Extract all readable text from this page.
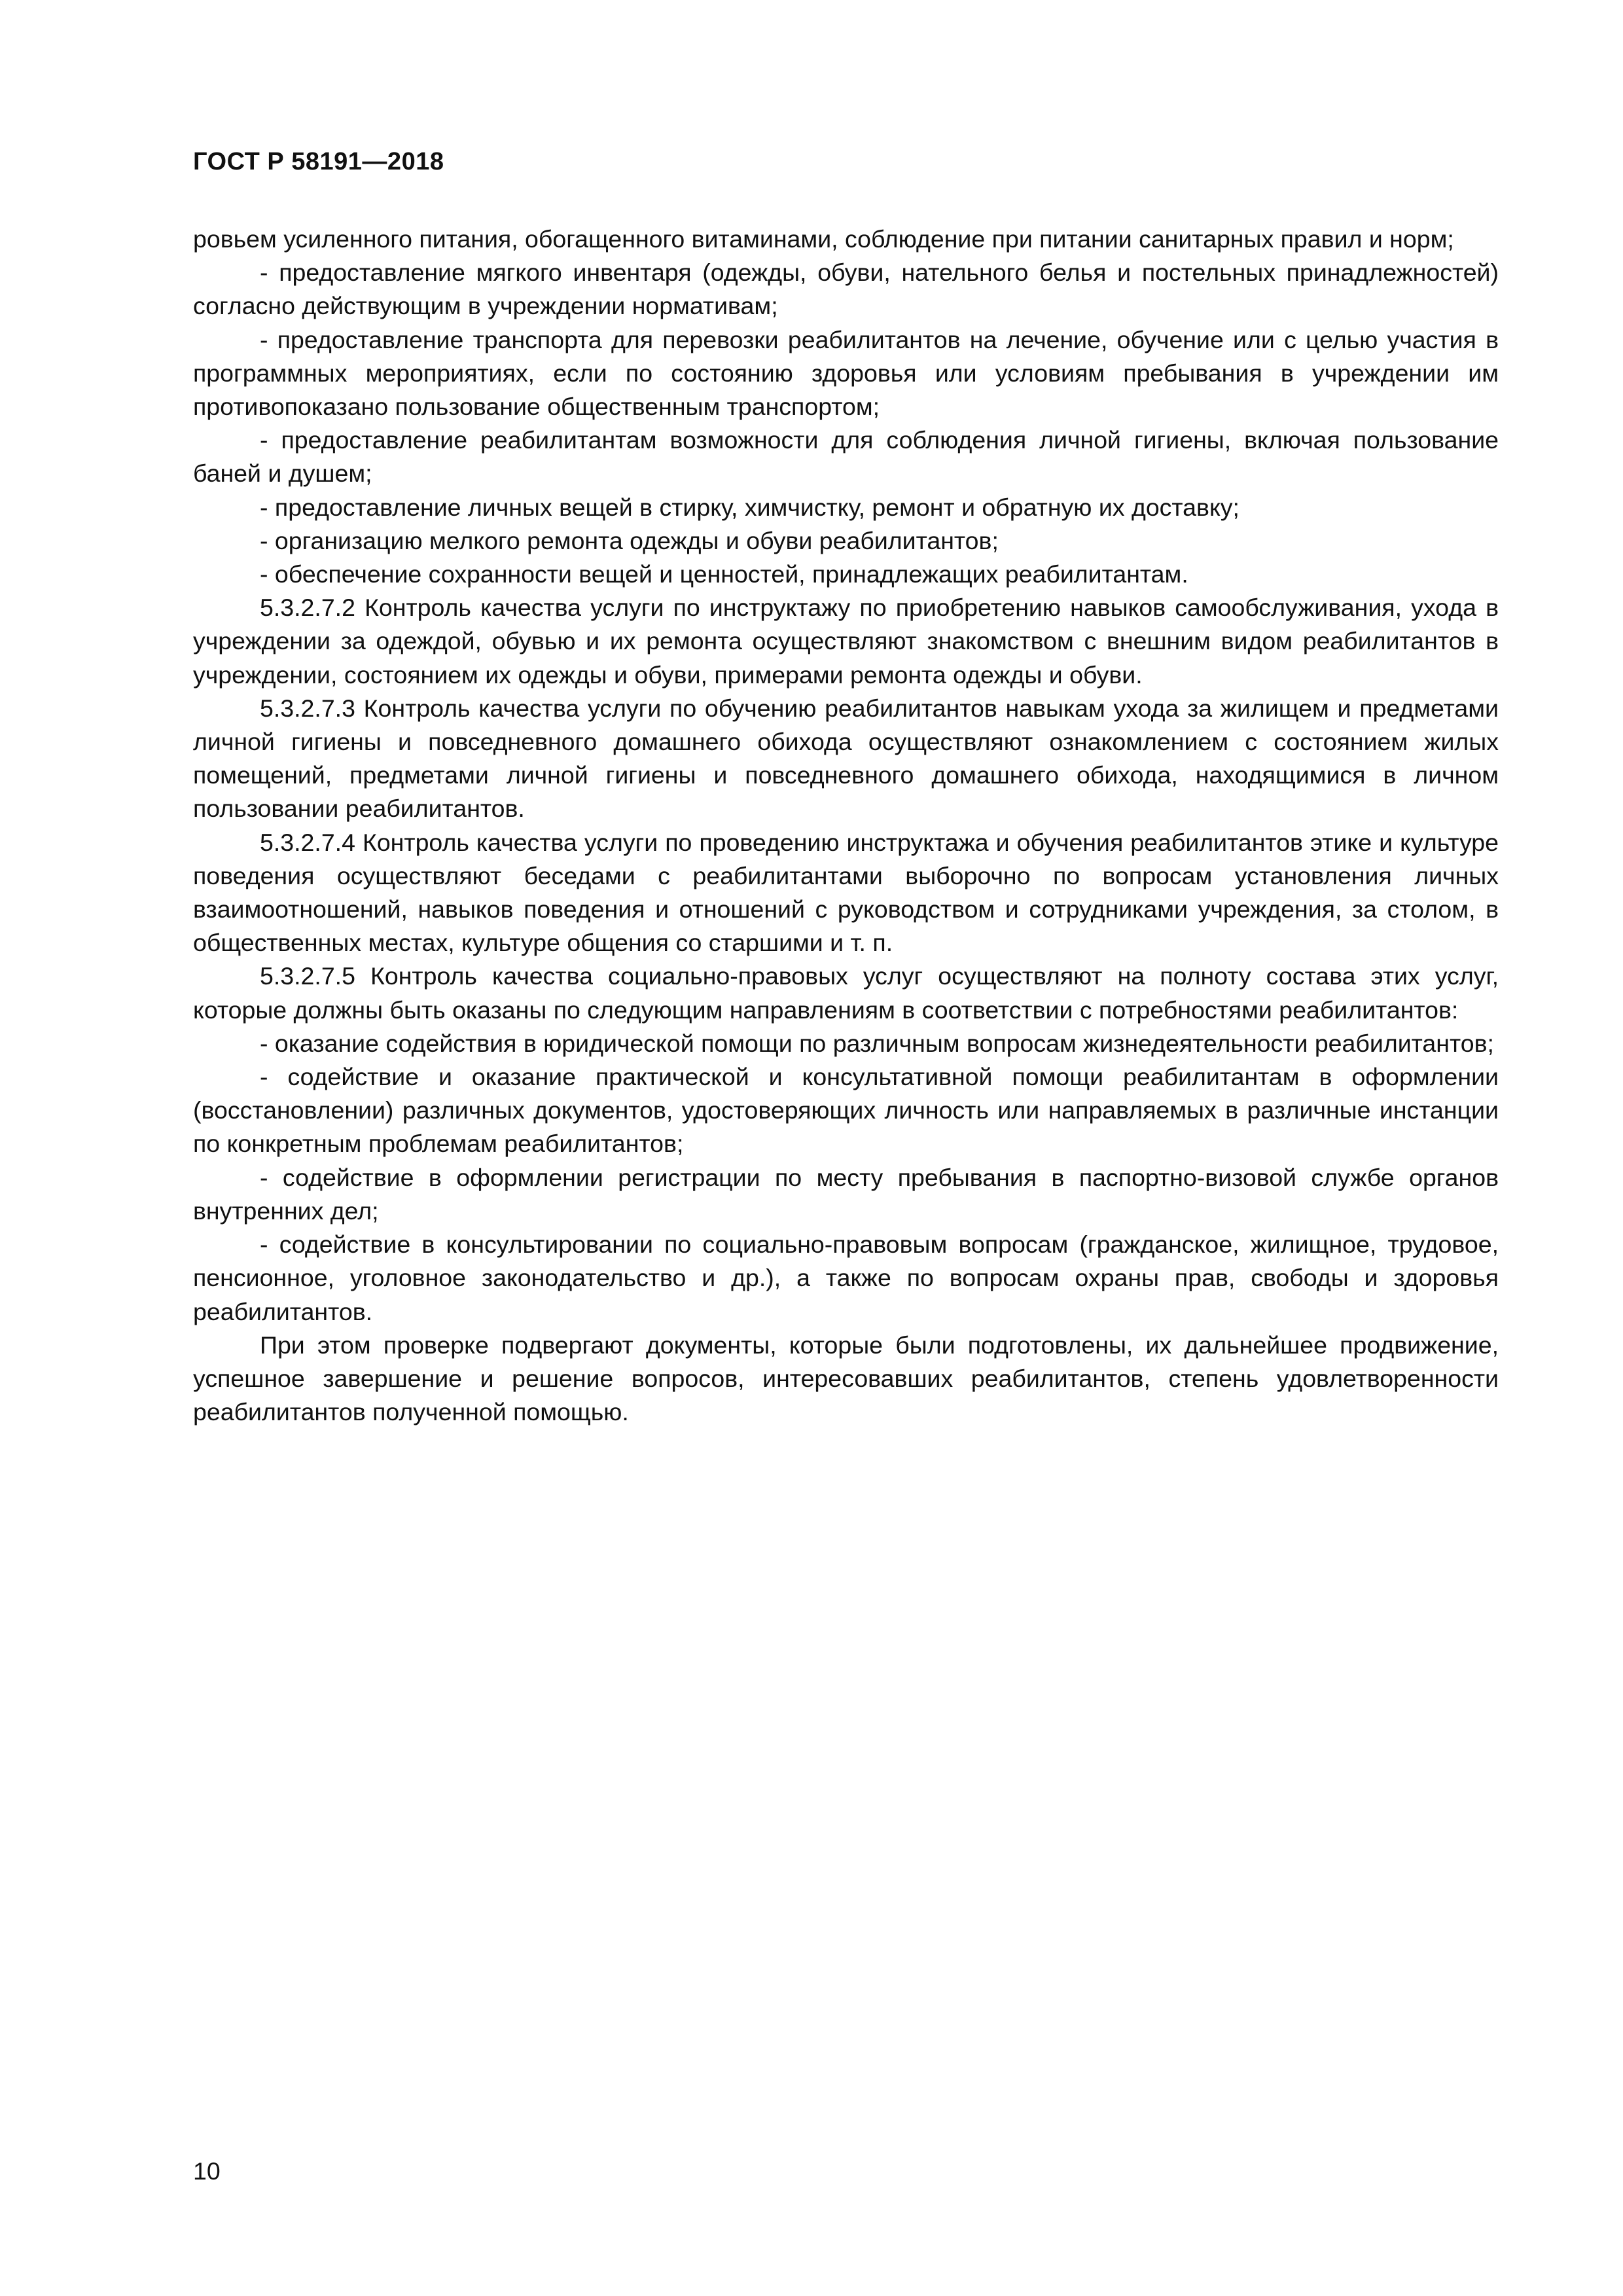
ГОСТ Р 58191—2018

ровьем усиленного питания, обогащенного витаминами, соблюдение при питании санитарных правил и норм;

- предоставление мягкого инвентаря (одежды, обуви, нательного белья и постельных принадлежностей) согласно действующим в учреждении нормативам;

- предоставление транспорта для перевозки реабилитантов на лечение, обучение или с целью участия в программных мероприятиях, если по состоянию здоровья или условиям пребывания в учреждении им противопоказано пользование общественным транспортом;

- предоставление реабилитантам возможности для соблюдения личной гигиены, включая пользование баней и душем;

- предоставление личных вещей в стирку, химчистку, ремонт и обратную их доставку;

- организацию мелкого ремонта одежды и обуви реабилитантов;

- обеспечение сохранности вещей и ценностей, принадлежащих реабилитантам.

5.3.2.7.2 Контроль качества услуги по инструктажу по приобретению навыков самообслуживания, ухода в учреждении за одеждой, обувью и их ремонта осуществляют знакомством с внешним видом реабилитантов в учреждении, состоянием их одежды и обуви, примерами ремонта одежды и обуви.

5.3.2.7.3 Контроль качества услуги по обучению реабилитантов навыкам ухода за жилищем и предметами личной гигиены и повседневного домашнего обихода осуществляют ознакомлением с состоянием жилых помещений, предметами личной гигиены и повседневного домашнего обихода, находящимися в личном пользовании реабилитантов.

5.3.2.7.4 Контроль качества услуги по проведению инструктажа и обучения реабилитантов этике и культуре поведения осуществляют беседами с реабилитантами выборочно по вопросам установления личных взаимоотношений, навыков поведения и отношений с руководством и сотрудниками учреждения, за столом, в общественных местах, культуре общения со старшими и т. п.

5.3.2.7.5 Контроль качества социально-правовых услуг осуществляют на полноту состава этих услуг, которые должны быть оказаны по следующим направлениям в соответствии с потребностями реабилитантов:

- оказание содействия в юридической помощи по различным вопросам жизнедеятельности реабилитантов;

- содействие и оказание практической и консультативной помощи реабилитантам в оформлении (восстановлении) различных документов, удостоверяющих личность или направляемых в различные инстанции по конкретным проблемам реабилитантов;

- содействие в оформлении регистрации по месту пребывания в паспортно-визовой службе органов внутренних дел;

- содействие в консультировании по социально-правовым вопросам (гражданское, жилищное, трудовое, пенсионное, уголовное законодательство и др.), а также по вопросам охраны прав, свободы и здоровья реабилитантов.

При этом проверке подвергают документы, которые были подготовлены, их дальнейшее продвижение, успешное завершение и решение вопросов, интересовавших реабилитантов, степень удовлетворенности реабилитантов полученной помощью.

10
